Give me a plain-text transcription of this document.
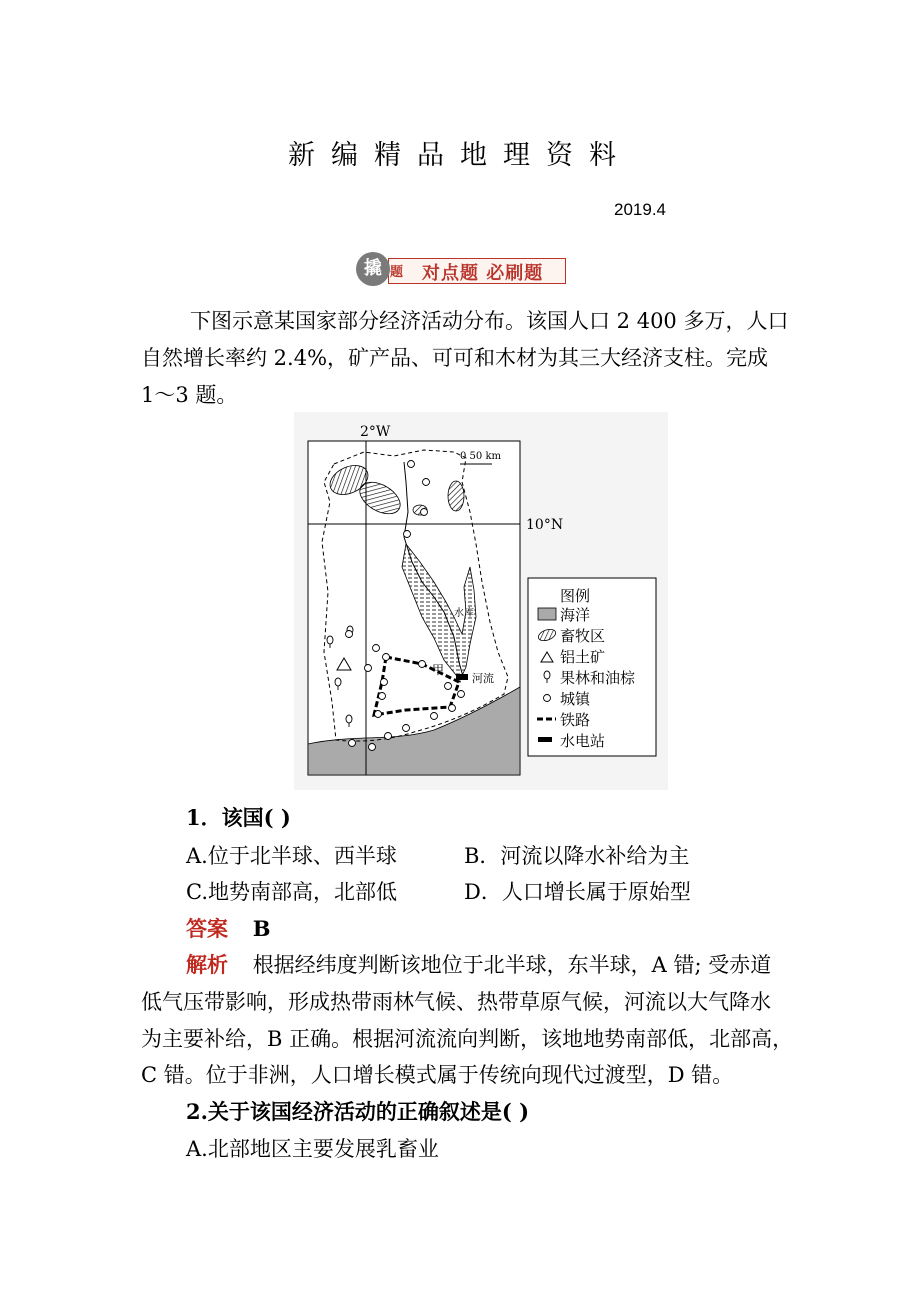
新编精品地理资料
2019.4
撬 题 对点题 必刷题
下图示意某国家部分经济活动分布。该国人口 2 400 多万，人口
自然增长率约 2.4%，矿产品、可可和木材为其三大经济支柱。完成
1～3 题。
0 50 km
2°W
10°N
水库
河流
甲
图例
海洋
畜牧区
铝土矿
果林和油棕
城镇
铁路
水电站
1．该国( )
A.位于北半球、西半球	B．河流以降水补给为主
C.地势南部高，北部低	D．人口增长属于原始型
答案 B
解析 根据经纬度判断该地位于北半球，东半球，A 错; 受赤道
低气压带影响，形成热带雨林气候、热带草原气候，河流以大气降水
为主要补给，B 正确。根据河流流向判断，该地地势南部低，北部高，
C 错。位于非洲，人口增长模式属于传统向现代过渡型，D 错。
2.关于该国经济活动的正确叙述是( )
A.北部地区主要发展乳畜业
